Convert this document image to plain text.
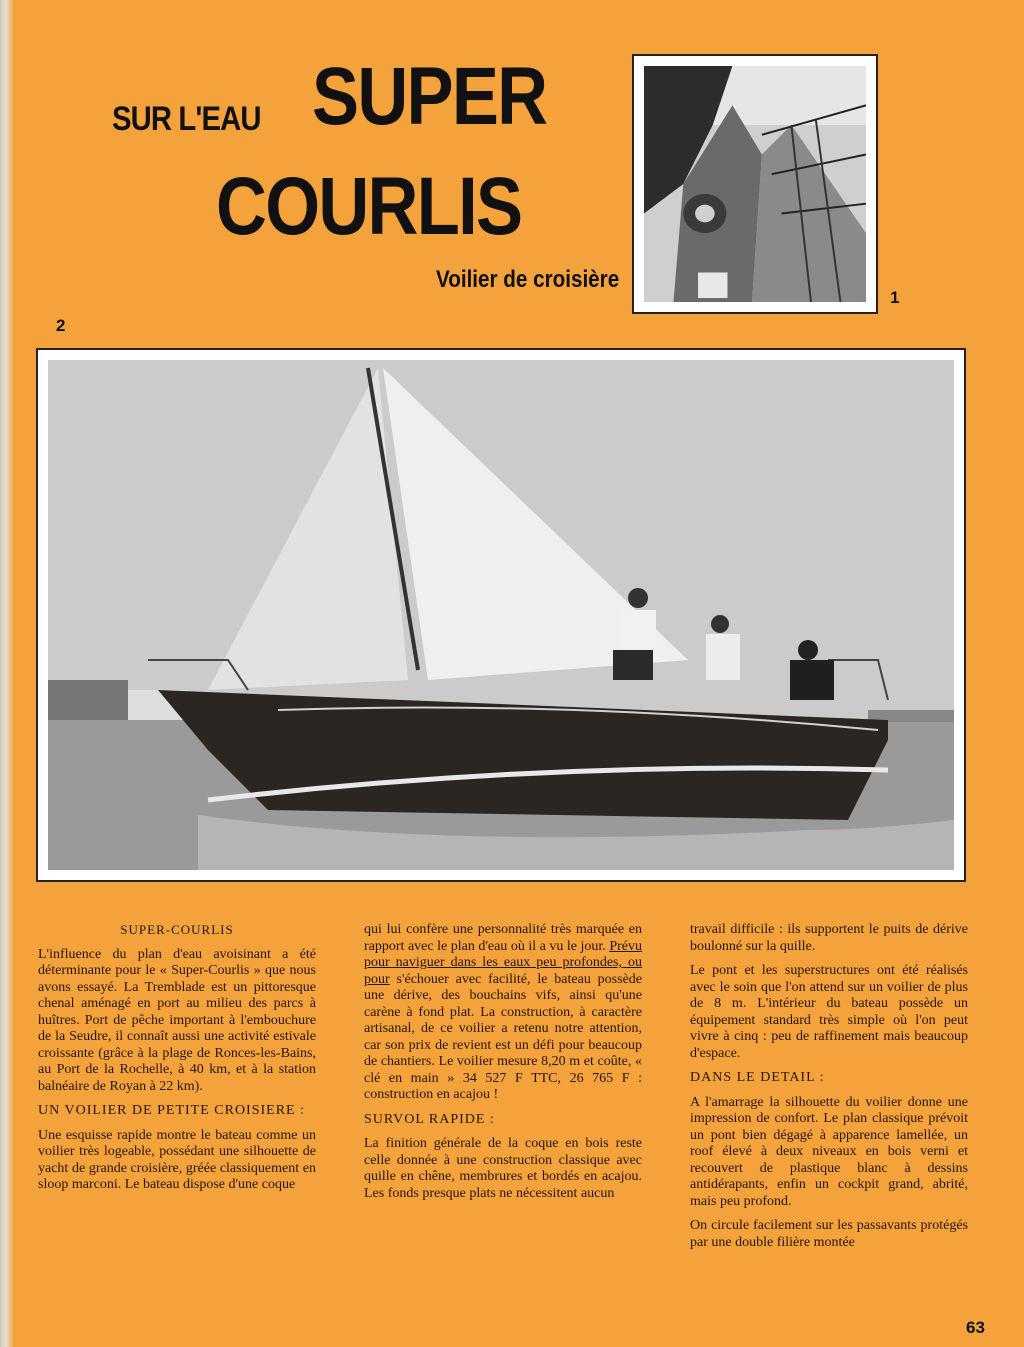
SUR L'EAU SUPER
COURLIS
Voilier de croisière
1
2

SUPER-COURLIS

L'influence du plan d'eau avoisinant a été déterminante pour le « Super-Courlis » que nous avons essayé. La Tremblade est un pittoresque chenal aménagé en port au milieu des parcs à huîtres. Port de pêche important à l'embouchure de la Seudre, il connaît aussi une activité estivale croissante (grâce à la plage de Ronces-les-Bains, au Port de la Rochelle, à 40 km, et à la station balnéaire de Royan à 22 km).

UN VOILIER DE PETITE CROISIERE :

Une esquisse rapide montre le bateau comme un voilier très logeable, possédant une silhouette de yacht de grande croisière, gréée classiquement en sloop marconi. Le bateau dispose d'une coque

qui lui confère une personnalité très marquée en rapport avec le plan d'eau où il a vu le jour. Prévu pour naviguer dans les eaux peu profondes, ou pour s'échouer avec facilité, le bateau possède une dérive, des bouchains vifs, ainsi qu'une carène à fond plat. La construction, à caractère artisanal, de ce voilier a retenu notre attention, car son prix de revient est un défi pour beaucoup de chantiers. Le voilier mesure 8,20 m et coûte, « clé en main » 34 527 F TTC, 26 765 F : construction en acajou !

SURVOL RAPIDE :

La finition générale de la coque en bois reste celle donnée à une construction classique avec quille en chêne, membrures et bordés en acajou. Les fonds presque plats ne nécessitent aucun

travail difficile : ils supportent le puits de dérive boulonné sur la quille.

Le pont et les superstructures ont été réalisés avec le soin que l'on attend sur un voilier de plus de 8 m. L'intérieur du bateau possède un équipement standard très simple où l'on peut vivre à cinq : peu de raffinement mais beaucoup d'espace.

DANS LE DETAIL :

A l'amarrage la silhouette du voilier donne une impression de confort. Le plan classique prévoit un pont bien dégagé à apparence lamellée, un roof élevé à deux niveaux en bois verni et recouvert de plastique blanc à dessins antidérapants, enfin un cockpit grand, abrité, mais peu profond.

On circule facilement sur les passavants protégés par une double filière montée

63
